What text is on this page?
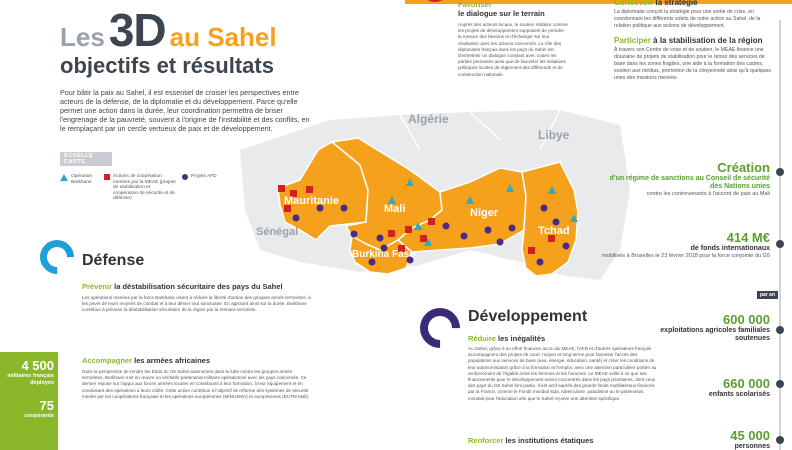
Les 3D au Sahel
objectifs et résultats
Pour bâtir la paix au Sahel, il est essentiel de croiser les perspectives entre acteurs de la défense, de la diplomatie et du développement. Parce qu'elle permet une action dans la durée, leur coordination permettra de briser l'engrenage de la pauvreté, souvent à l'origine de l'instabilité et des conflits, en le remplaçant par un cercle vertueux de paix et de développement.
ÉCHELLE CARTE
Opération Barkhane
Actions de coopération menées par la MEAE (projets de stabilisation et coopération de sécurité et de défense)
Projets AFD
Mauritanie
Mali	Niger
Tchad
Burkina Faso
Algérie
Libye
Sénégal
Favoriser
le dialogue sur le terrain
Auprès des acteurs locaux, le soutien militaire comme les projets de développement supposent de prendre la mesure des besoins et d'échanger sur leur réalisation avec les acteurs concernés. Le rôle des diplomates français dans les pays du Sahel est d'entretenir un dialogue constant avec toutes les parties prenantes ainsi que de favoriser les initiatives politiques locales de règlement des différends et de construction nationale.
Concevoir la stratégie
La diplomatie conçoit la stratégie pour une sortie de crise, en coordonnant les différents volets de notre action au Sahel, de la relation politique aux actions de développement.
Participer à la stabilisation de la région
À travers son Centre de crise et de soutien, le MEAE finance une douzaine de projets de stabilisation pour le retour des services de base dans les zones fragiles, une aide à la formation des cadres, soutien aux médias, promotion de la citoyenneté ainsi qu'à quelques unes des missions menées.
Création
d'un régime de sanctions au Conseil de sécurité des Nations unies
contre les contrevenants à l'accord de paix au Mali
414 M€
de fonds internationaux
mobilisés à Bruxelles le 23 février 2018 pour la force conjointe du G5
par an
600 000
exploitations agricoles familiales soutenues
660 000
enfants scolarisés
45 000
personnes
Défense
Prévenir la déstabilisation sécuritaire des pays du Sahel
Les opérations menées par la force Barkhane visent à réduire la liberté d'action des groupes armés terroristes, à les priver de leurs moyens de combat et à leur dénier tout sanctuaire. En agissant ainsi sur la durée, Barkhane contribue à prévenir la déstabilisation sécuritaire de la région par la menace terroriste.
Accompagner les armées africaines
Dans la perspective de rendre les États du G5 Sahel autonomes dans la lutte contre les groupes armés terroristes, Barkhane met en œuvre un véritable partenariat militaire opérationnel avec les pays concernés. Ce dernier repose sur l'appui aux forces armées locales en contribuant à leur formation, à leur équipement et en conduisant des opérations à leurs côtés. Cette action contribue à l'objectif de réforme des systèmes de sécurité menée par les coopérations française et les opérations européennes (MINUSMA) et européennes (EUTM Mali).
4 500
militaires français déployés
75
coopérants
Développement
Réduire les inégalités
Au Sahel, grâce à un effort financier accru du MEAE, l'AFD et d'autres opérateurs français accompagnent des projets de court, moyen et long terme pour favoriser l'accès des populations aux services de base (eau, énergie, éducation, santé) et créer les conditions de leur autonomisation grâce à la formation et l'emploi, avec une attention particulière portée au renforcement de l'égalité entre les femmes et les hommes. Le MEAE veille à ce que ses financements pour le développement soient concentrés dans les pays prioritaires, dont ceux des pays du G5 Sahel font partie. Il est actif auprès des grands fonds multilatéraux financés par la France, comme le Fonds mondial sida, tuberculose, paludisme ou le partenariat mondial pour l'éducation afin que le Sahel reçoive une attention spécifique.
Renforcer les institutions étatiques
